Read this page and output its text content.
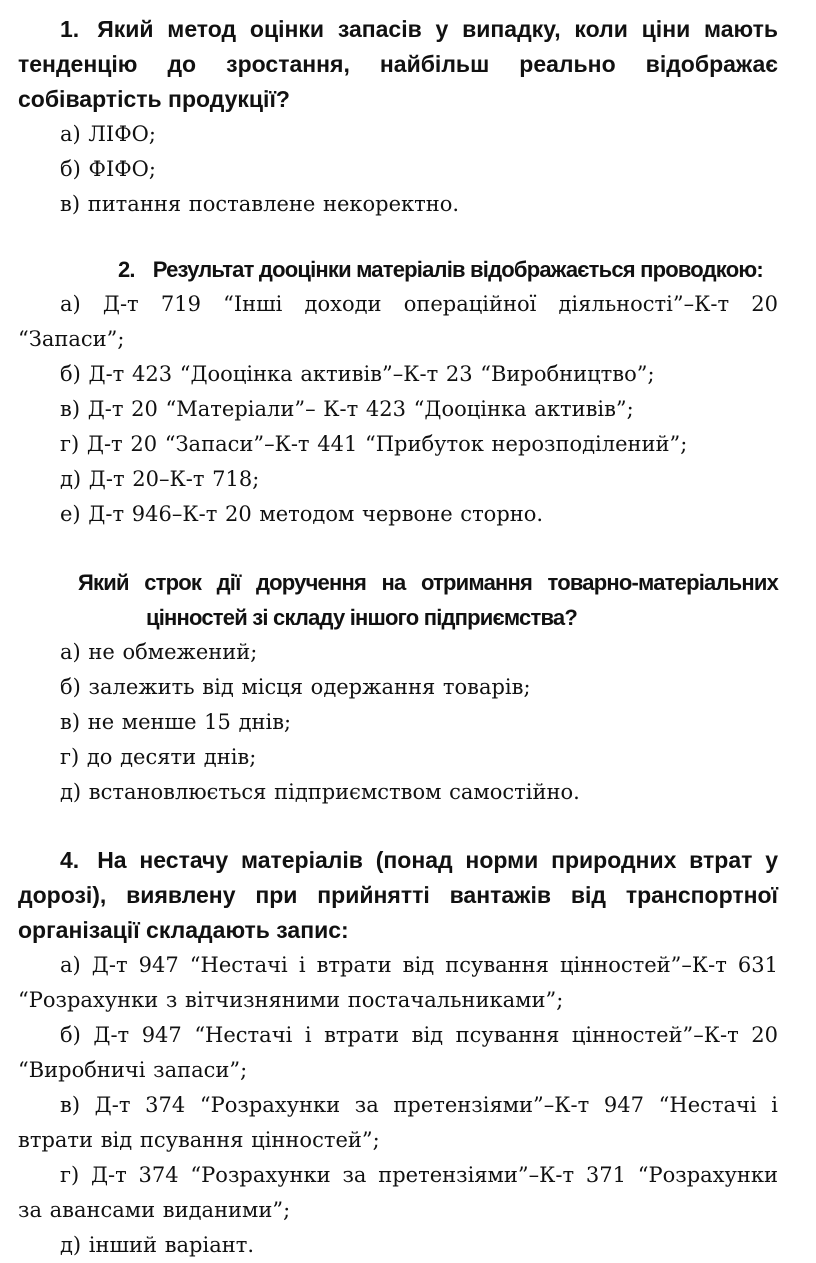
1. Який метод оцінки запасів у випадку, коли ціни мають тенденцію до зростання, найбільш реально відображає собівартість продукції?

а) ЛІФО;

б) ФІФО;

в) питання поставлене некоректно.

2. Результат дооцінки матеріалів відображається проводкою:

а) Д-т 719 “Інші доходи операційної діяльності”–К-т 20 “Запаси”;

б) Д-т 423 “Дооцінка активів”–К-т 23 “Виробництво”;

в) Д-т 20 “Матеріали”– К-т 423 “Дооцінка активів”;

г) Д-т 20 “Запаси”–К-т 441 “Прибуток нерозподілений”;

д) Д-т 20–К-т 718;

е) Д-т 946–К-т 20 методом червоне сторно.

Який строк дії доручення на отримання товарно-матеріальних цінностей зі складу іншого підприємства?

а) не обмежений;

б) залежить від місця одержання товарів;

в) не менше 15 днів;

г) до десяти днів;

д) встановлюється підприємством самостійно.

4. На нестачу матеріалів (понад норми природних втрат у дорозі), виявлену при прийнятті вантажів від транспортної організації складають запис:

а) Д-т 947 “Нестачі і втрати від псування цінностей”–К-т 631 “Розрахунки з вітчизняними постачальниками”;

б) Д-т 947 “Нестачі і втрати від псування цінностей”–К-т 20 “Виробничі запаси”;

в) Д-т 374 “Розрахунки за претензіями”–К-т 947 “Нестачі і втрати від псування цінностей”;

г) Д-т 374 “Розрахунки за претензіями”–К-т 371 “Розрахунки за авансами виданими”;

д) інший варіант.
